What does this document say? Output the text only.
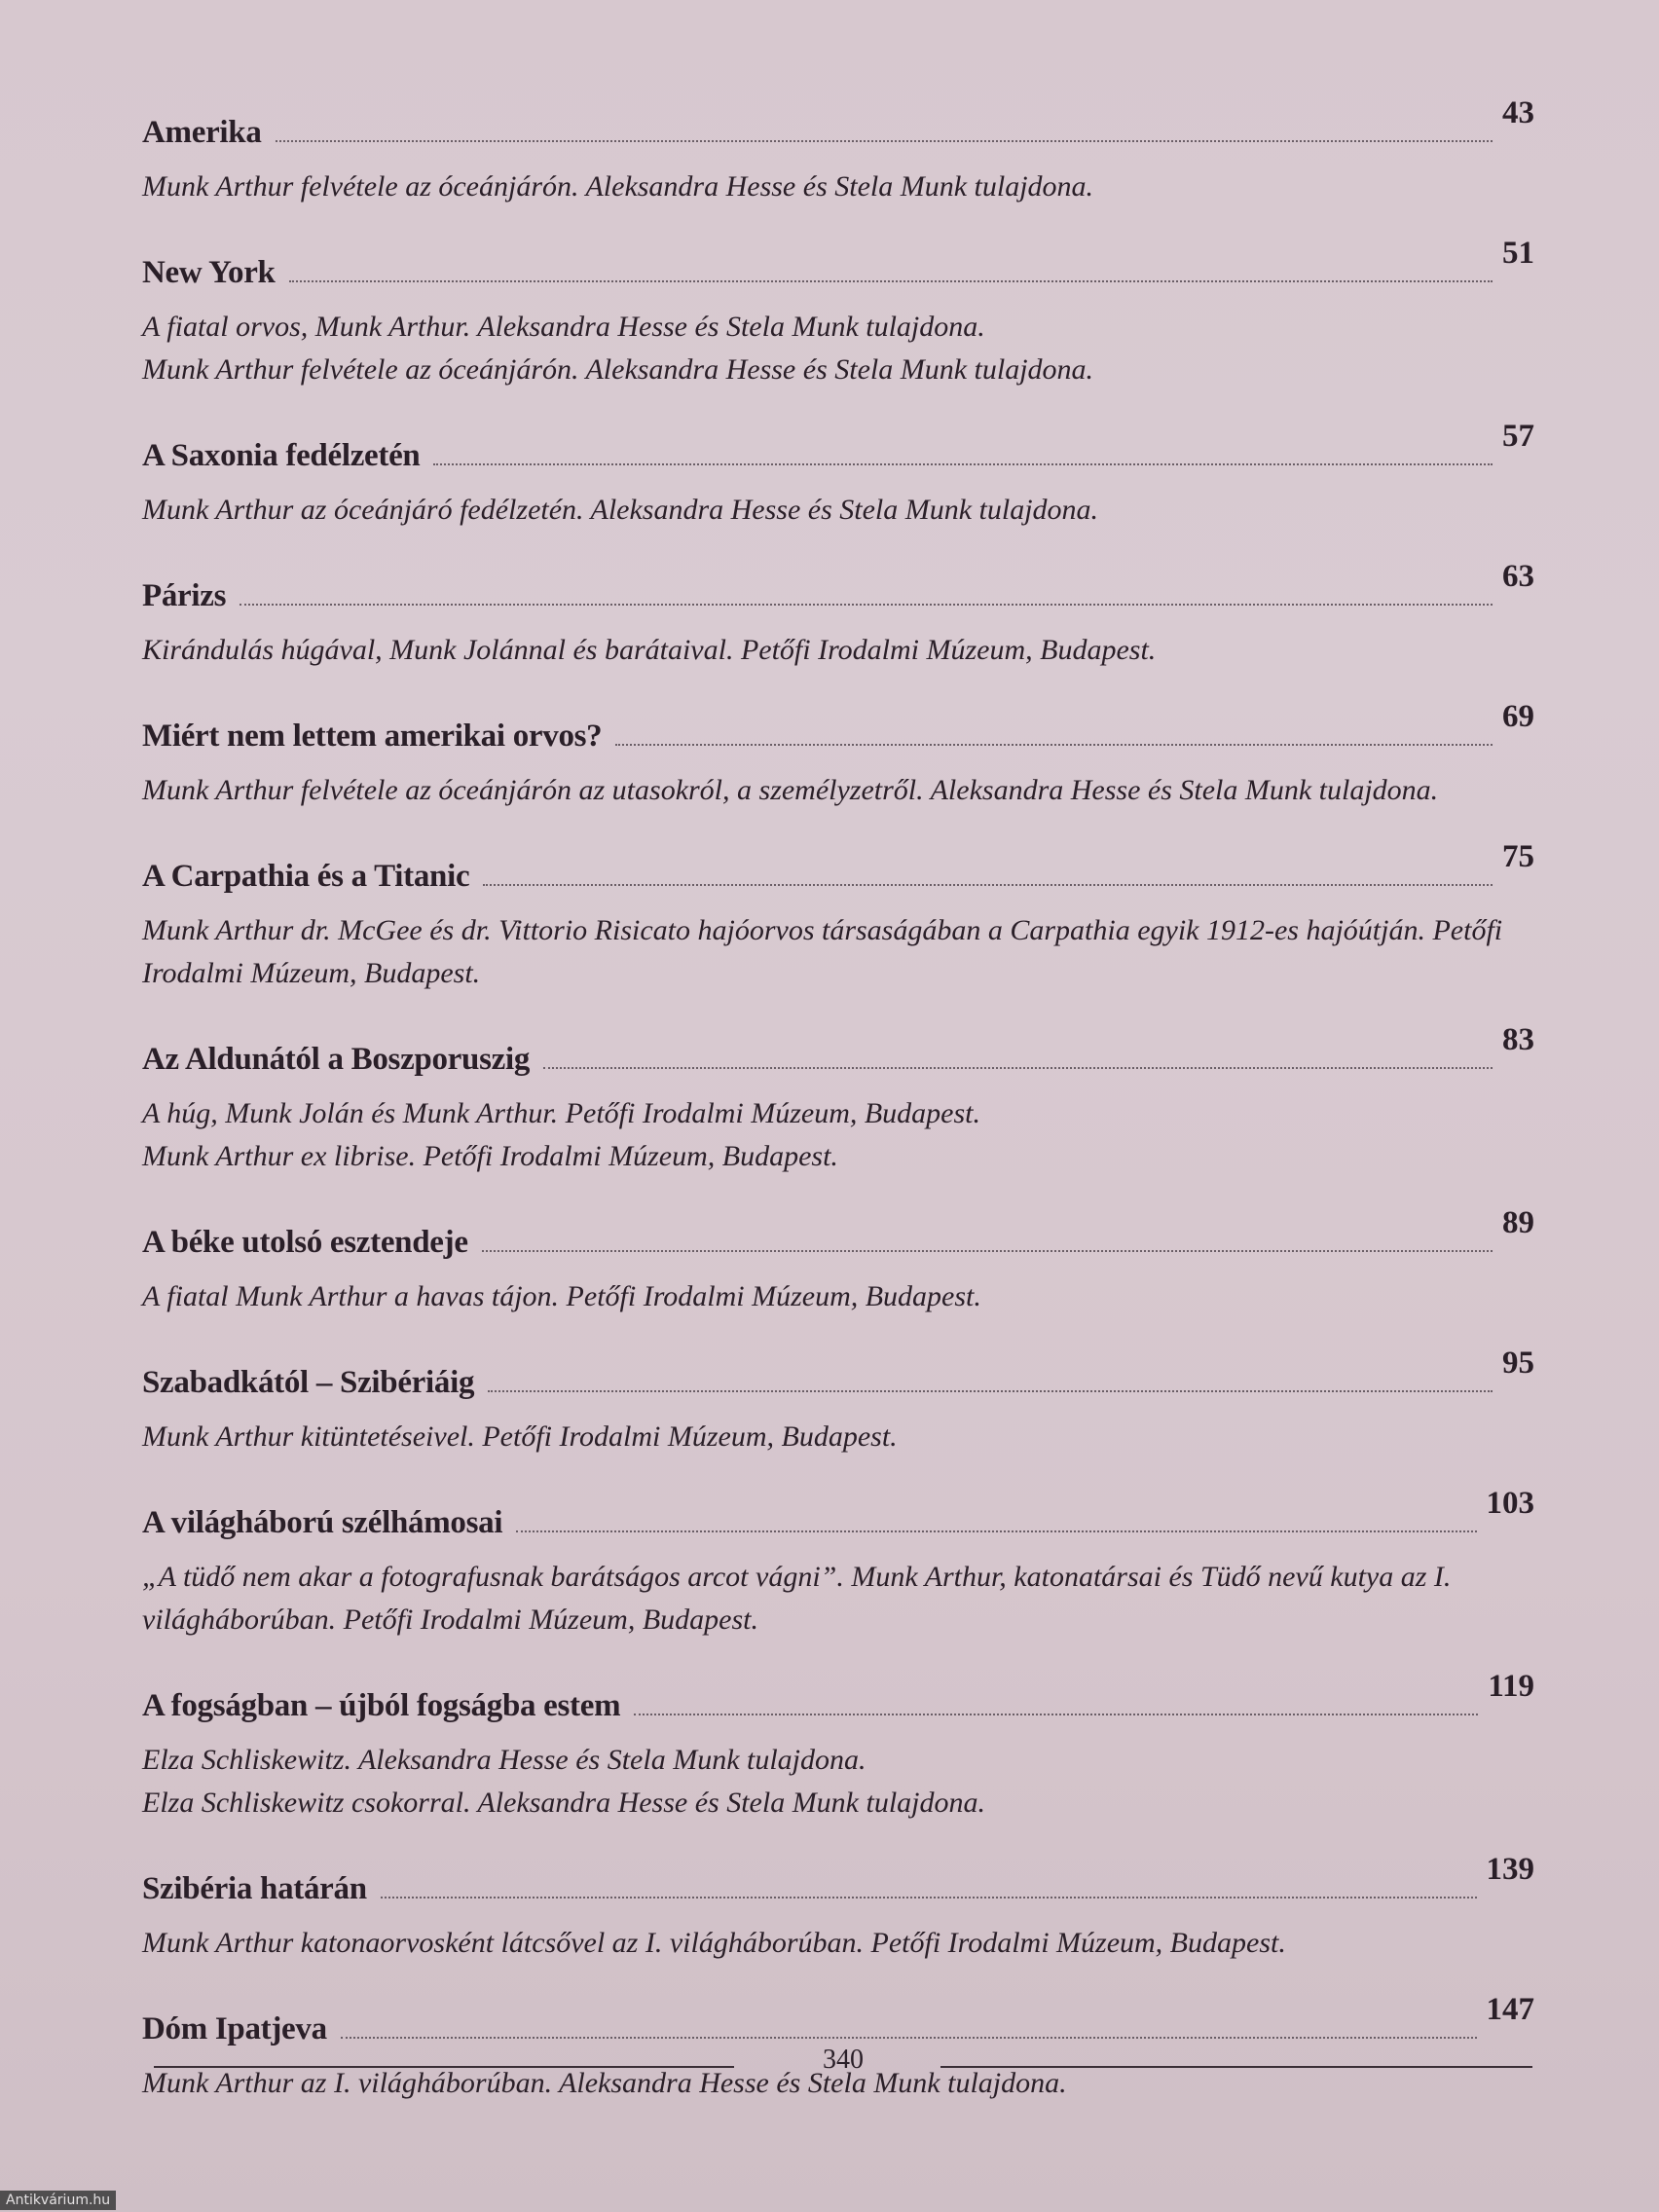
Amerika
43
Munk Arthur felvétele az óceánjárón. Aleksandra Hesse és Stela Munk tulajdona.
New York
51
A fiatal orvos, Munk Arthur. Aleksandra Hesse és Stela Munk tulajdona.
Munk Arthur felvétele az óceánjárón. Aleksandra Hesse és Stela Munk tulajdona.
A Saxonia fedélzetén
57
Munk Arthur az óceánjáró fedélzetén. Aleksandra Hesse és Stela Munk tulajdona.
Párizs
63
Kirándulás húgával, Munk Jolánnal és barátaival. Petőfi Irodalmi Múzeum, Budapest.
Miért nem lettem amerikai orvos?
69
Munk Arthur felvétele az óceánjárón az utasokról, a személyzetről. Aleksandra Hesse és Stela Munk tulajdona.
A Carpathia és a Titanic
75
Munk Arthur dr. McGee és dr. Vittorio Risicato hajóorvos társaságában a Carpathia egyik 1912-es hajóútján. Petőfi Irodalmi Múzeum, Budapest.
Az Aldunától a Boszporuszig
83
A húg, Munk Jolán és Munk Arthur. Petőfi Irodalmi Múzeum, Budapest.
Munk Arthur ex librise. Petőfi Irodalmi Múzeum, Budapest.
A béke utolsó esztendeje
89
A fiatal Munk Arthur a havas tájon. Petőfi Irodalmi Múzeum, Budapest.
Szabadkától – Szibériáig
95
Munk Arthur kitüntetéseivel. Petőfi Irodalmi Múzeum, Budapest.
A világháború szélhámosai
103
„A tüdő nem akar a fotografusnak barátságos arcot vágni”. Munk Arthur, katonatársai és Tüdő nevű kutya az I. világháborúban. Petőfi Irodalmi Múzeum, Budapest.
A fogságban – újból fogságba estem
119
Elza Schliskewitz. Aleksandra Hesse és Stela Munk tulajdona.
Elza Schliskewitz csokorral. Aleksandra Hesse és Stela Munk tulajdona.
Szibéria határán
139
Munk Arthur katonaorvosként látcsővel az I. világháborúban. Petőfi Irodalmi Múzeum, Budapest.
Dóm Ipatjeva
147
Munk Arthur az I. világháborúban. Aleksandra Hesse és Stela Munk tulajdona.
340
Antikvárium.hu
